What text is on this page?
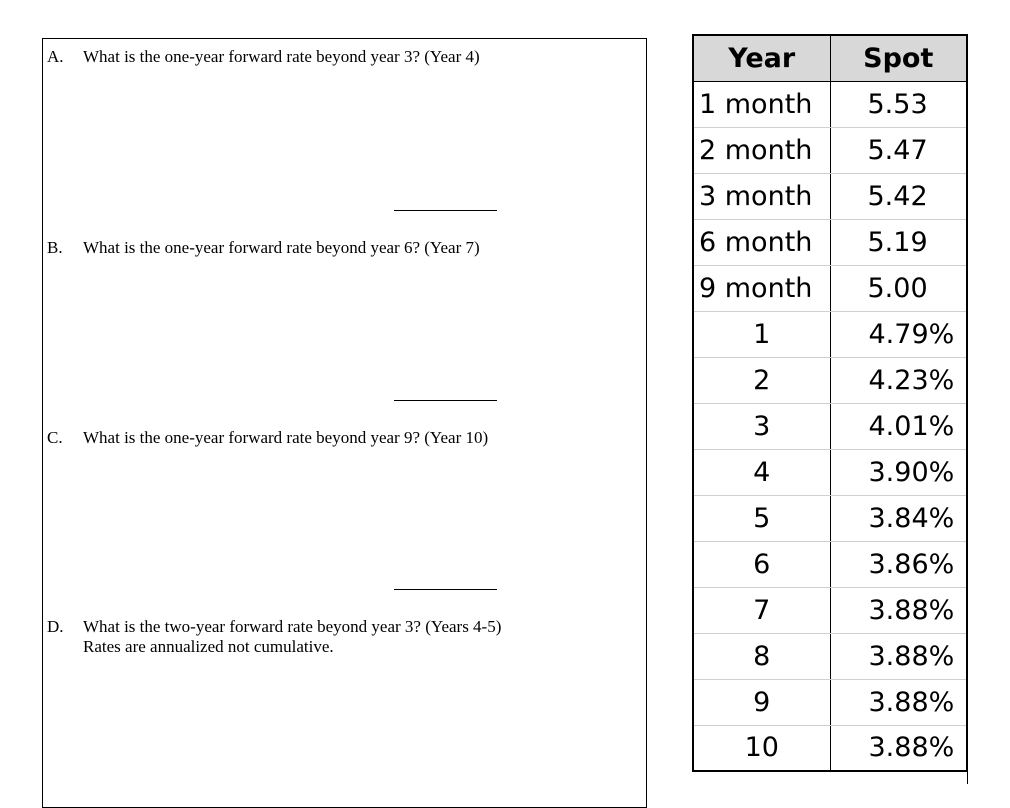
A.	What is the one-year forward rate beyond year 3? (Year 4)
B.	What is the one-year forward rate beyond year 6? (Year 7)
C.	What is the one-year forward rate beyond year 9? (Year 10)
D.	What is the two-year forward rate beyond year 3? (Years 4-5)
Rates are annualized not cumulative.
Year	Spot
1 month	5.53
2 month	5.47
3 month	5.42
6 month	5.19
9 month	5.00
1	4.79%
2	4.23%
3	4.01%
4	3.90%
5	3.84%
6	3.86%
7	3.88%
8	3.88%
9	3.88%
10	3.88%
